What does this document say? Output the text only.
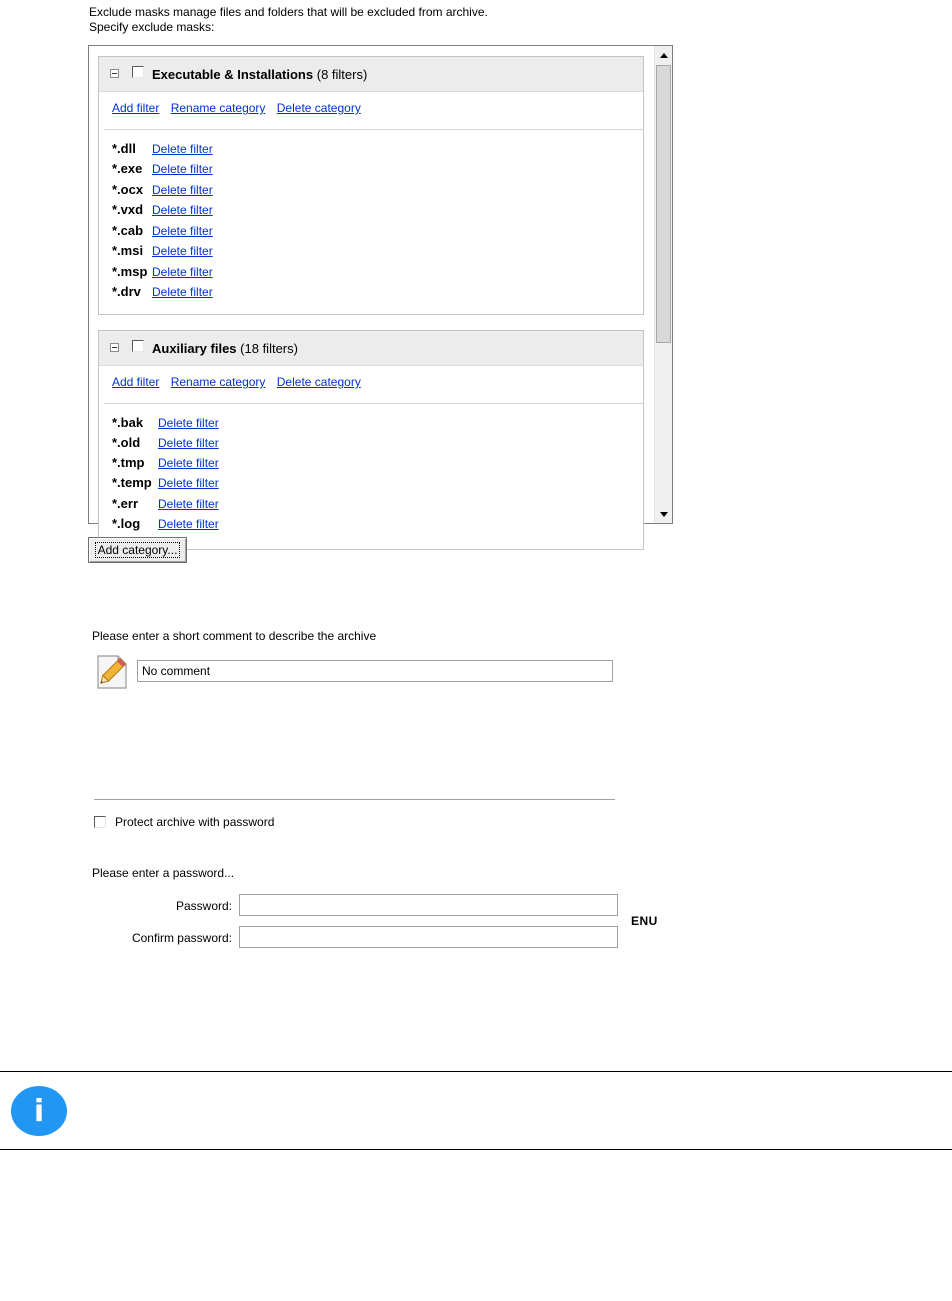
Exclude masks manage files and folders that will be excluded from archive.
Specify exclude masks:
Executable & Installations (8 filters)
Add filter Rename category Delete category
*.dll Delete filter
*.exe Delete filter
*.ocx Delete filter
*.vxd Delete filter
*.cab Delete filter
*.msi Delete filter
*.msp Delete filter
*.drv Delete filter
Auxiliary files (18 filters)
Add filter Rename category Delete category
*.bak Delete filter
*.old Delete filter
*.tmp Delete filter
*.temp Delete filter
*.err Delete filter
*.log Delete filter
Add category...
Please enter a short comment to describe the archive
No comment
Protect archive with password
Please enter a password...
Password:
Confirm password:
ENU
i
